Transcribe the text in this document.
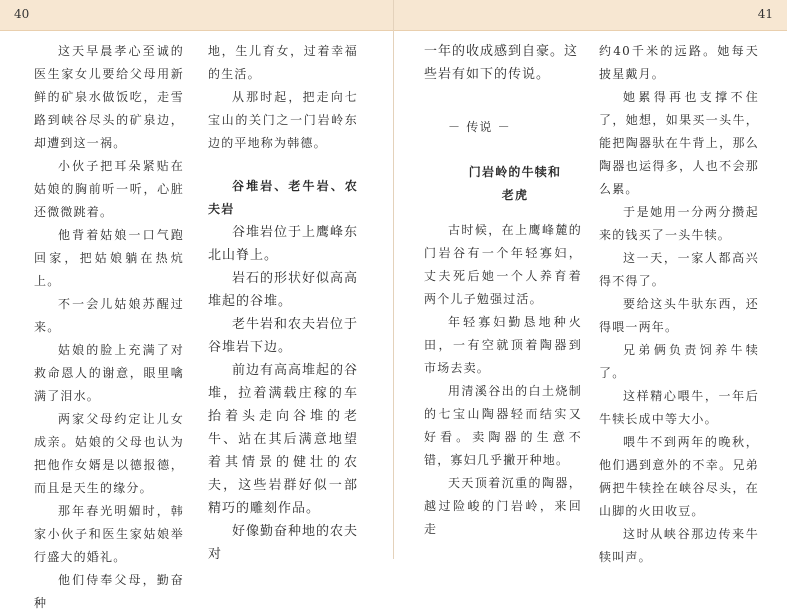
40

这天早晨孝心至诚的医生家女儿要给父母用新鲜的矿泉水做饭吃，走雪路到峡谷尽头的矿泉边，却遭到这一祸。

小伙子把耳朵紧贴在姑娘的胸前听一听，心脏还微微跳着。

他背着姑娘一口气跑回家，把姑娘躺在热炕上。

不一会儿姑娘苏醒过来。

姑娘的脸上充满了对救命恩人的谢意，眼里噙满了泪水。

两家父母约定让儿女成亲。姑娘的父母也认为把他作女婿是以德报德，而且是天生的缘分。

那年春光明媚时，韩家小伙子和医生家姑娘举行盛大的婚礼。

他们侍奉父母，勤奋种

地，生儿育女，过着幸福的生活。

从那时起，把走向七宝山的关门之一门岩岭东边的平地称为韩德。

谷堆岩、老牛岩、农夫岩

谷堆岩位于上鹰峰东北山脊上。

岩石的形状好似高高堆起的谷堆。

老牛岩和农夫岩位于谷堆岩下边。

前边有高高堆起的谷堆，拉着满载庄稼的车抬着头走向谷堆的老牛、站在其后满意地望着其情景的健壮的农夫，这些岩群好似一部精巧的雕刻作品。

好像勤奋种地的农夫对

41

一年的收成感到自豪。这

些岩有如下的传说。

－ 传说 －

门岩岭的牛犊和

老虎

古时候，在上鹰峰麓的门岩谷有一个年轻寡妇，丈夫死后她一个人养育着两个儿子勉强过活。

年轻寡妇勤恳地种火田，一有空就顶着陶器到市场去卖。

用清溪谷出的白土烧制的七宝山陶器轻而结实又好看。卖陶器的生意不错，寡妇几乎撇开种地。

天天顶着沉重的陶器，越过险峻的门岩岭，来回走

约40千米的远路。她每天披星戴月。

她累得再也支撑不住了，她想，如果买一头牛，能把陶器驮在牛背上，那么陶器也运得多，人也不会那么累。

于是她用一分两分攒起来的钱买了一头牛犊。

这一天，一家人都高兴得不得了。

要给这头牛驮东西，还得喂一两年。

兄弟俩负责饲养牛犊了。

这样精心喂牛，一年后牛犊长成中等大小。

喂牛不到两年的晚秋，他们遇到意外的不幸。兄弟俩把牛犊拴在峡谷尽头，在山脚的火田收豆。

这时从峡谷那边传来牛犊叫声。
